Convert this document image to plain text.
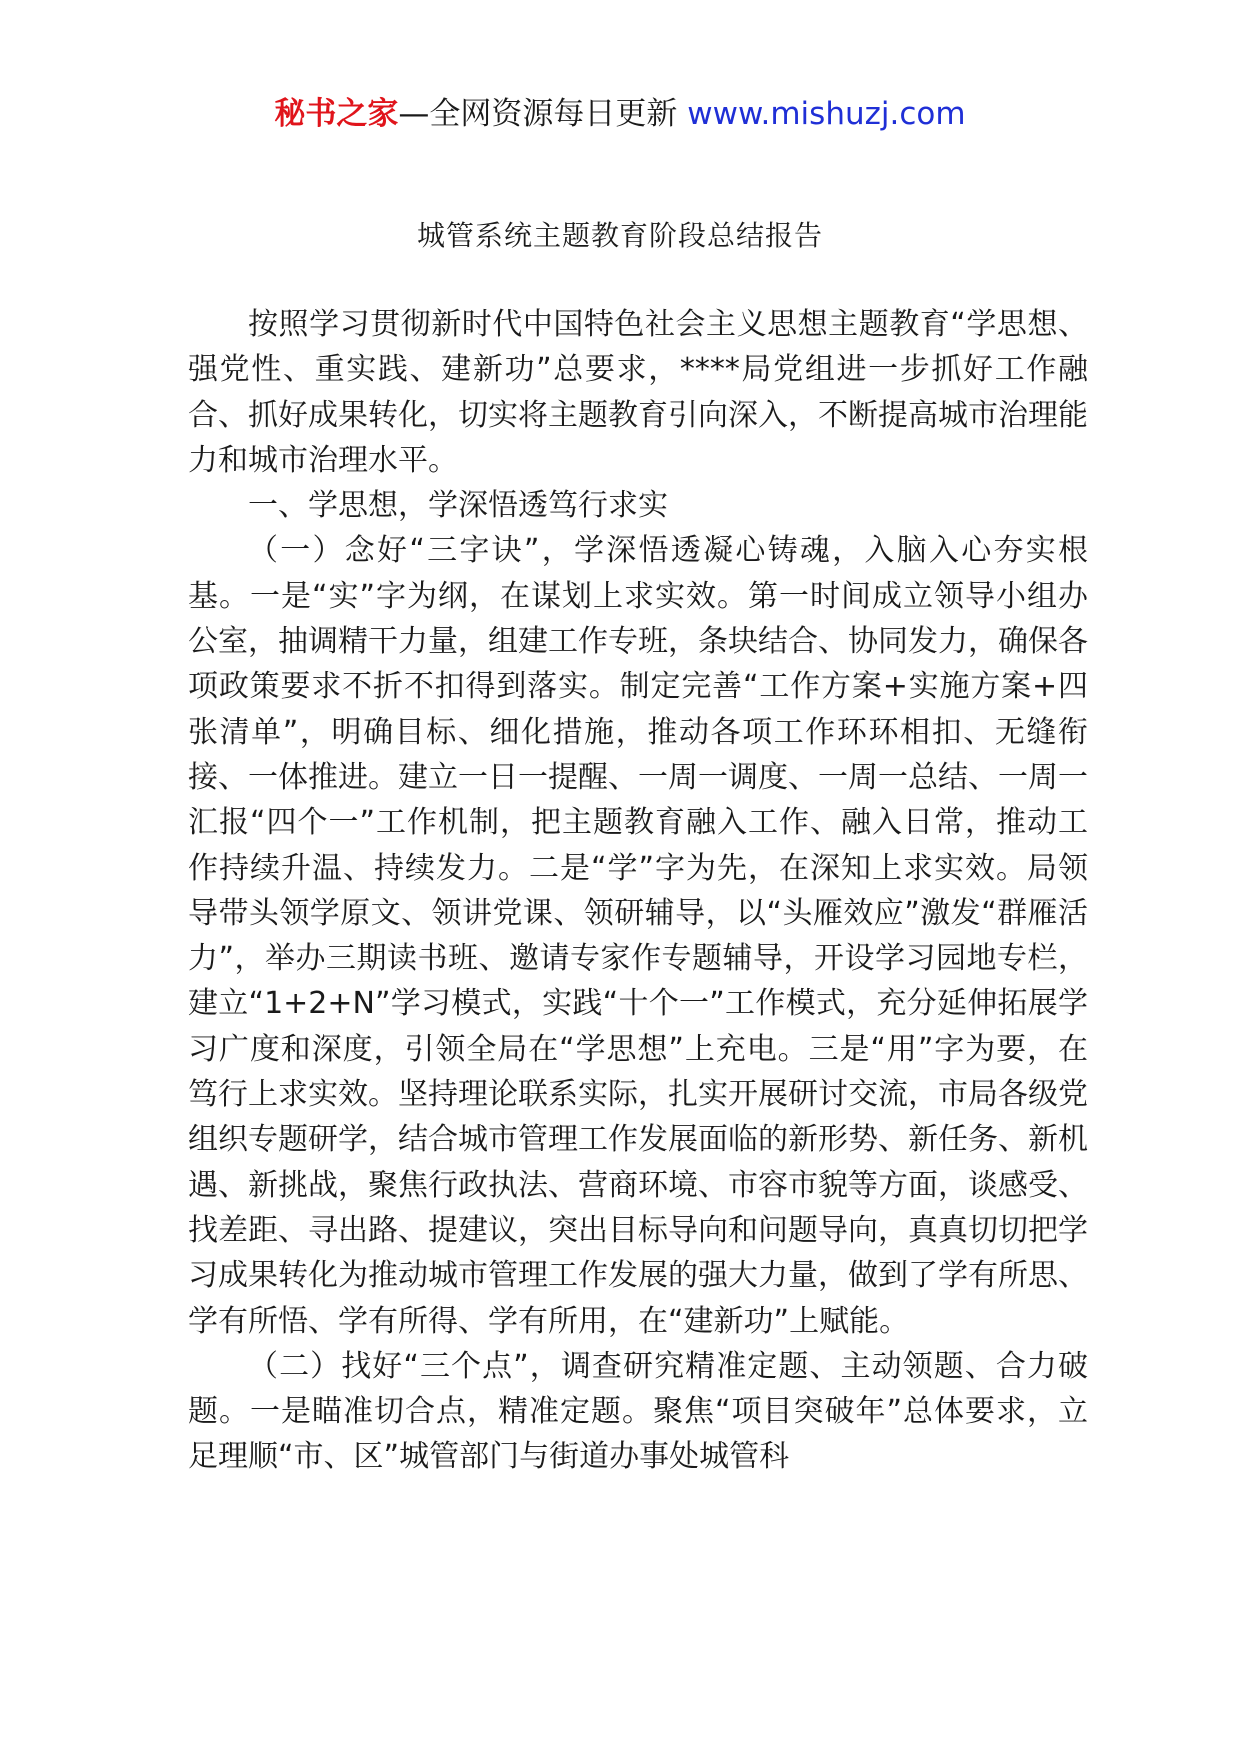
秘书之家—全网资源每日更新 www.mishuzj.com
城管系统主题教育阶段总结报告

按照学习贯彻新时代中国特色社会主义思想主题教育“学思想、强党性、重实践、建新功”总要求，****局党组进一步抓好工作融合、抓好成果转化，切实将主题教育引向深入，不断提高城市治理能力和城市治理水平。

一、学思想，学深悟透笃行求实

（一）念好“三字诀”，学深悟透凝心铸魂，入脑入心夯实根基。一是“实”字为纲，在谋划上求实效。第一时间成立领导小组办公室，抽调精干力量，组建工作专班，条块结合、协同发力，确保各项政策要求不折不扣得到落实。制定完善“工作方案+实施方案+四张清单”，明确目标、细化措施，推动各项工作环环相扣、无缝衔接、一体推进。建立一日一提醒、一周一调度、一周一总结、一周一汇报“四个一”工作机制，把主题教育融入工作、融入日常，推动工作持续升温、持续发力。二是“学”字为先，在深知上求实效。局领导带头领学原文、领讲党课、领研辅导，以“头雁效应”激发“群雁活力”，举办三期读书班、邀请专家作专题辅导，开设学习园地专栏，建立“1+2+N”学习模式，实践“十个一”工作模式，充分延伸拓展学习广度和深度，引领全局在“学思想”上充电。三是“用”字为要，在笃行上求实效。坚持理论联系实际，扎实开展研讨交流，市局各级党组织专题研学，结合城市管理工作发展面临的新形势、新任务、新机遇、新挑战，聚焦行政执法、营商环境、市容市貌等方面，谈感受、找差距、寻出路、提建议，突出目标导向和问题导向，真真切切把学习成果转化为推动城市管理工作发展的强大力量，做到了学有所思、学有所悟、学有所得、学有所用，在“建新功”上赋能。

（二）找好“三个点”，调查研究精准定题、主动领题、合力破题。一是瞄准切合点，精准定题。聚焦“项目突破年”总体要求，立足理顺“市、区”城管部门与街道办事处城管科
